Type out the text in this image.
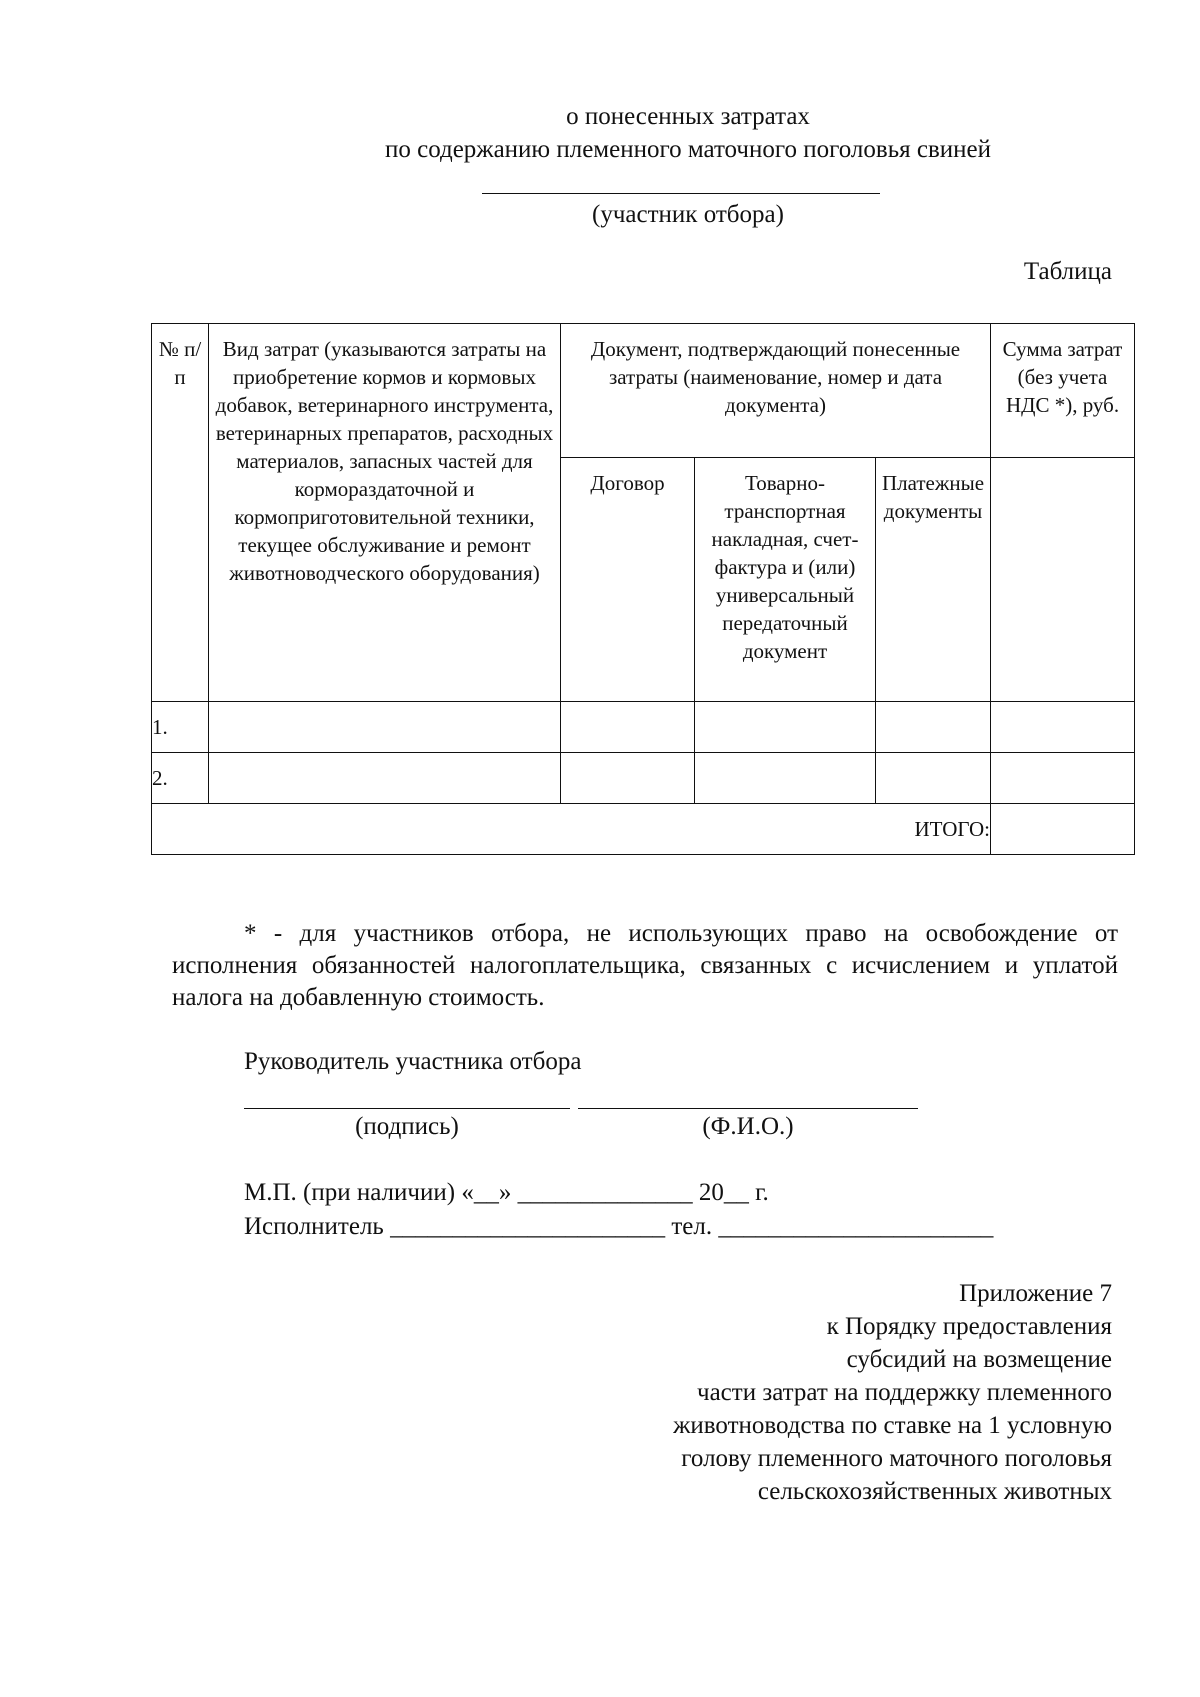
о понесенных затратах
по содержанию племенного маточного поголовья свиней
(участник отбора)
Таблица
№ п/п	Вид затрат (указываются затраты на приобретение кормов и кормовых добавок, ветеринарного инструмента, ветеринарных препаратов, расходных материалов, запасных частей для кормораздаточной и кормоприготовительной техники, текущее обслуживание и ремонт животноводческого оборудования)	Документ, подтверждающий понесенные затраты (наименование, номер и дата документа)			Сумма затрат (без учета НДС *), руб.
		Договор	Товарно-транспортная накладная, счет-фактура и (или) универсальный передаточный документ	Платежные документы	
1.					
2.					
ИТОГО:					

* - для участников отбора, не использующих право на освобождение от исполнения обязанностей налогоплательщика, связанных с исчислением и уплатой налога на добавленную стоимость.

Руководитель участника отбора
(подпись)	(Ф.И.О.)
М.П. (при наличии) «__» ______________ 20__ г.
Исполнитель ______________________ тел. ______________________
Приложение 7
к Порядку предоставления
субсидий на возмещение
части затрат на поддержку племенного
животноводства по ставке на 1 условную
голову племенного маточного поголовья
сельскохозяйственных животных
